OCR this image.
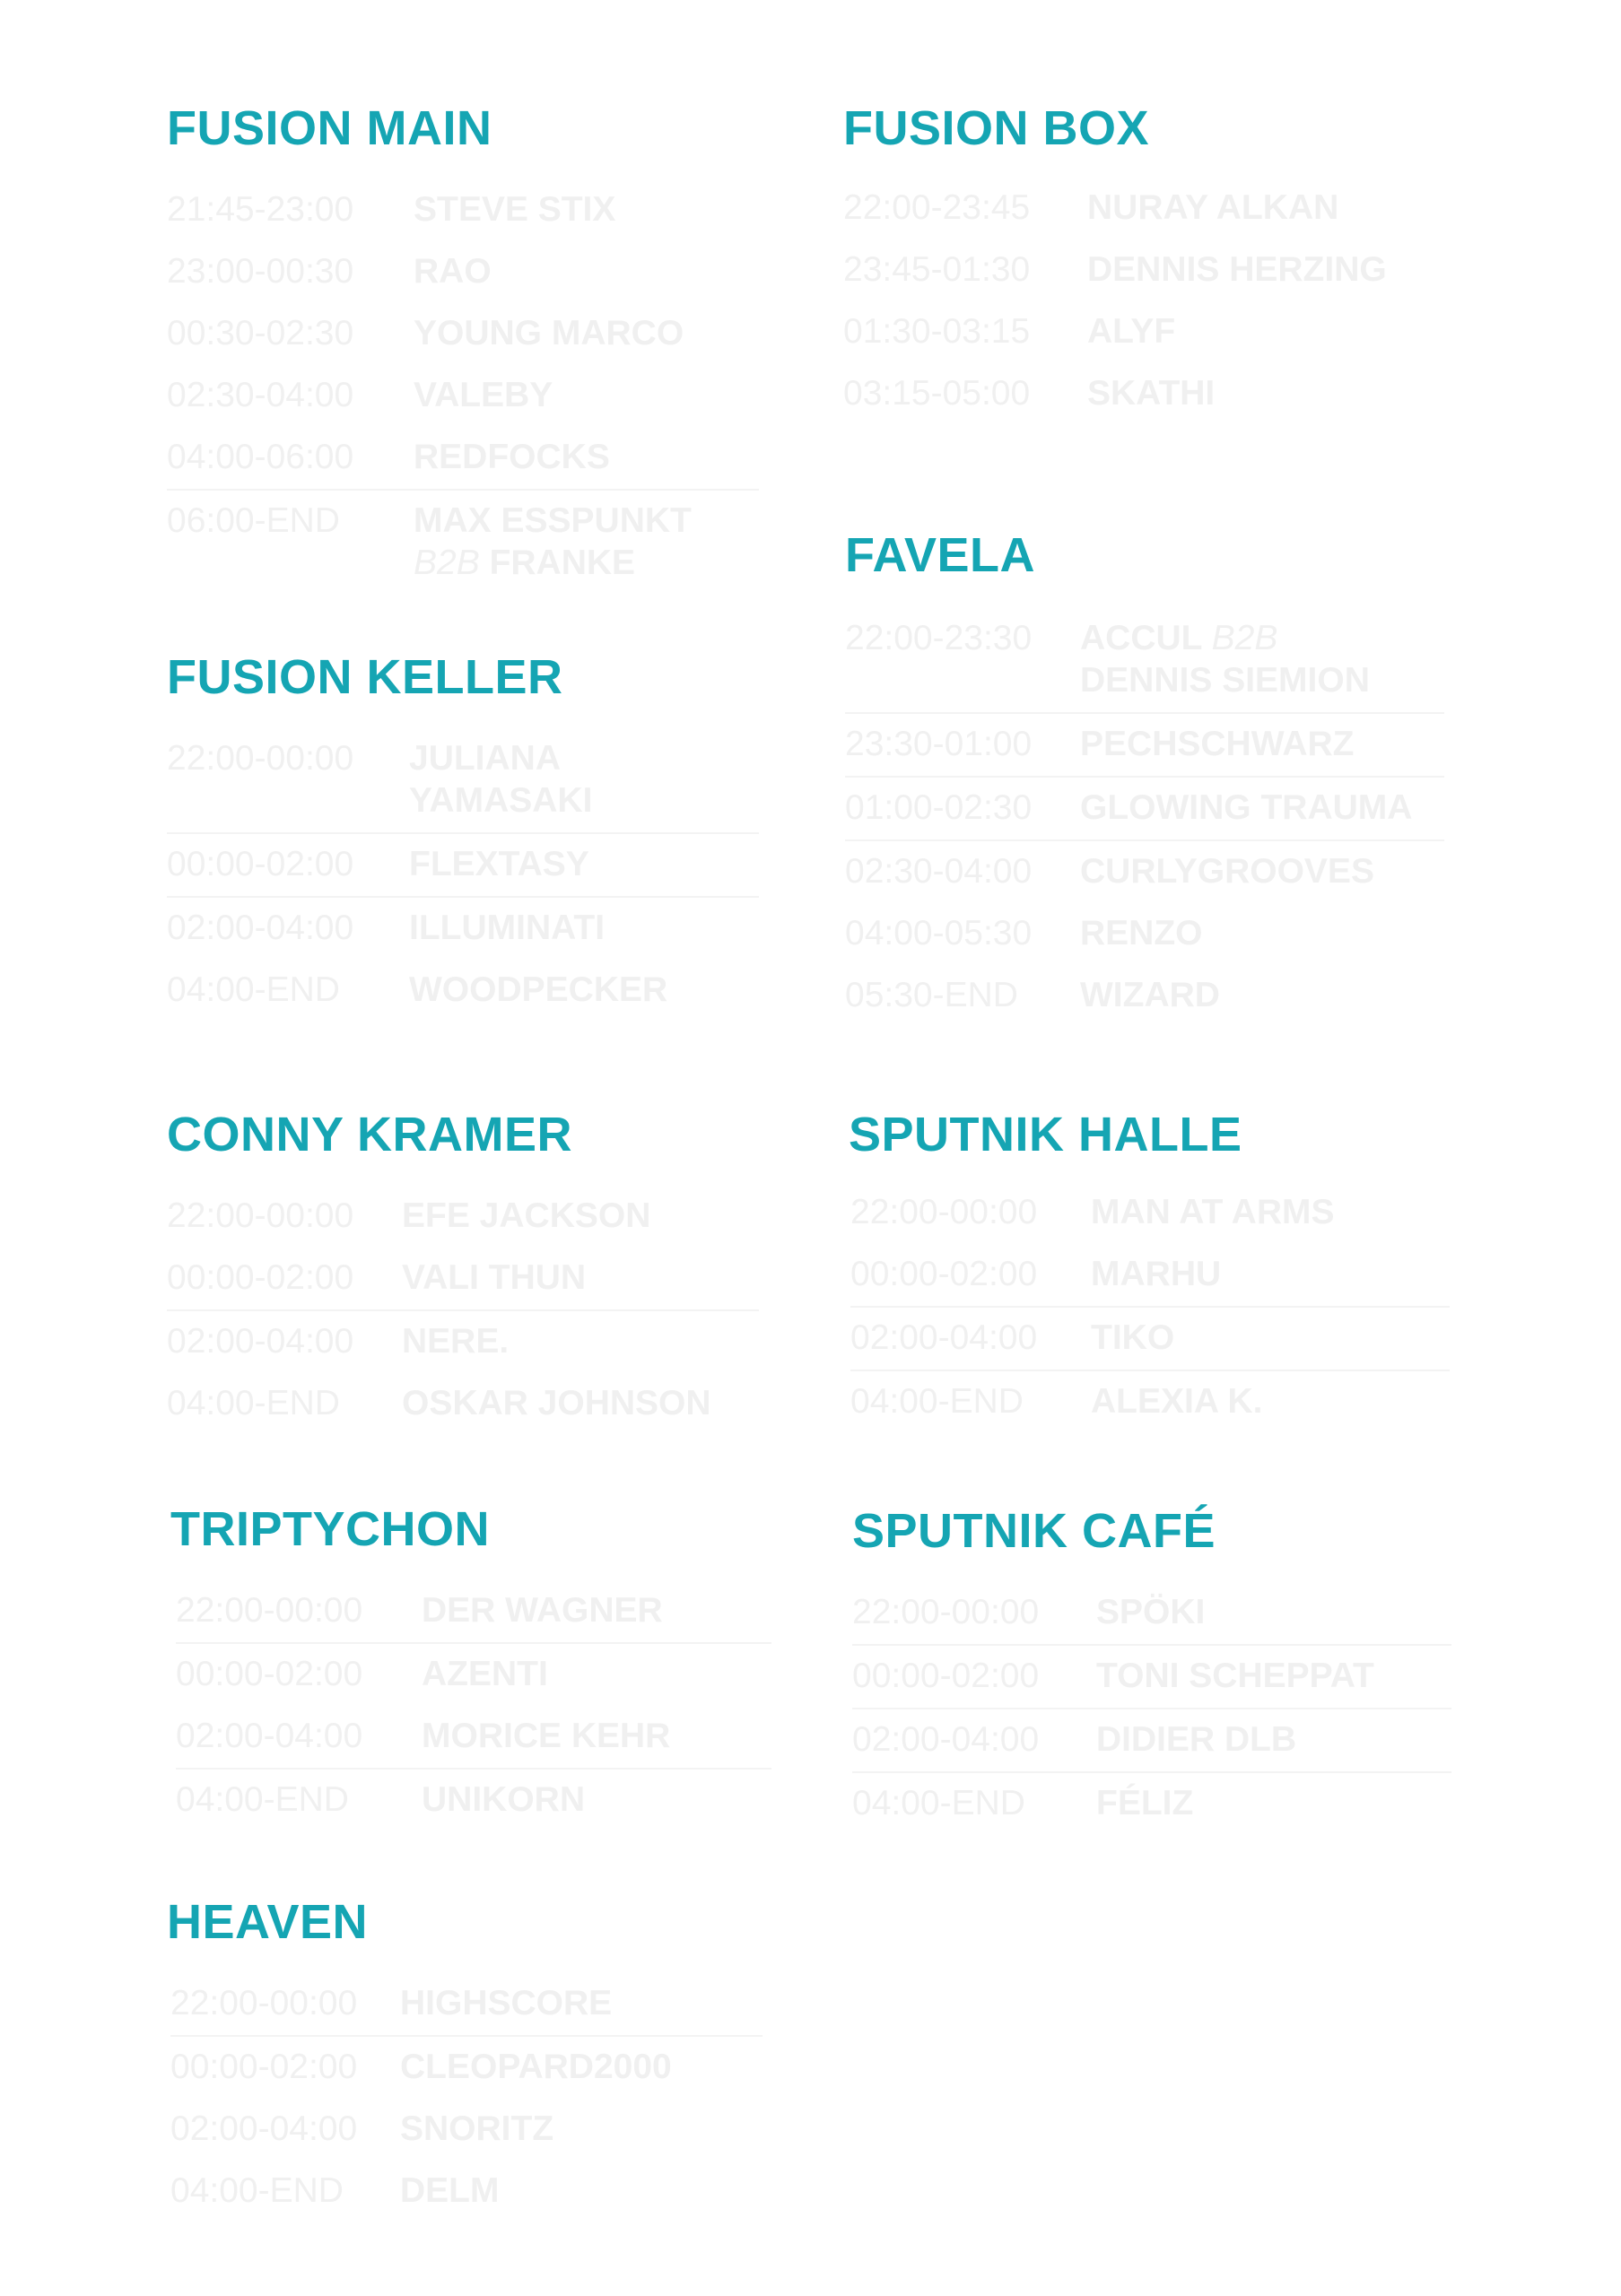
FUSION MAIN
21:45-23:00	STEVE STIX
23:00-00:30	RAO
00:30-02:30	YOUNG MARCO
02:30-04:00	VALEBY
04:00-06:00	REDFOCKS
06:00-END	MAX ESSPUNKT
B2B FRANKE
FUSION BOX
22:00-23:45	NURAY ALKAN
23:45-01:30	DENNIS HERZING
01:30-03:15	ALYF
03:15-05:00	SKATHI
FUSION KELLER
22:00-00:00	JULIANA YAMASAKI
00:00-02:00	FLEXTASY
02:00-04:00	ILLUMINATI
04:00-END	WOODPECKER
FAVELA
22:00-23:30	ACCUL B2B
DENNIS SIEMION
23:30-01:00	PECHSCHWARZ
01:00-02:30	GLOWING TRAUMA
02:30-04:00	CURLYGROOVES
04:00-05:30	RENZO
05:30-END	WIZARD
CONNY KRAMER
22:00-00:00	EFE JACKSON
00:00-02:00	VALI THUN
02:00-04:00	NERE.
04:00-END	OSKAR JOHNSON
SPUTNIK HALLE
22:00-00:00	MAN AT ARMS
00:00-02:00	MARHU
02:00-04:00	TIKO
04:00-END	ALEXIA K.
TRIPTYCHON
22:00-00:00	DER WAGNER
00:00-02:00	AZENTI
02:00-04:00	MORICE KEHR
04:00-END	UNIKORN
SPUTNIK CAFÉ
22:00-00:00	SPÖKI
00:00-02:00	TONI SCHEPPAT
02:00-04:00	DIDIER DLB
04:00-END	FÉLIZ
HEAVEN
22:00-00:00	HIGHSCORE
00:00-02:00	CLEOPARD2000
02:00-04:00	SNORITZ
04:00-END	DELM
